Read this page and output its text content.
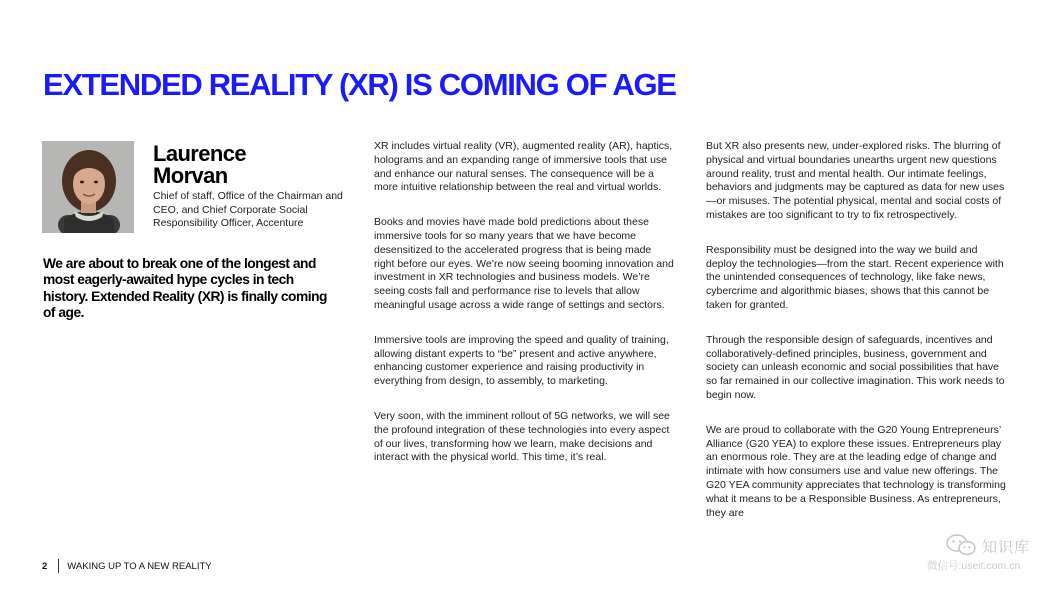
EXTENDED REALITY (XR) IS COMING OF AGE
Laurence
Morvan

Chief of staff, Office of the Chairman and CEO, and Chief Corporate Social Responsibility Officer, Accenture

We are about to break one of the longest and most eagerly-awaited hype cycles in tech history. Extended Reality (XR) is finally coming of age.

XR includes virtual reality (VR), augmented reality (AR), haptics, holograms and an expanding range of immersive tools that use and enhance our natural senses. The consequence will be a more intuitive relationship between the real and virtual worlds.

Books and movies have made bold predictions about these immersive tools for so many years that we have become desensitized to the accelerated progress that is being made right before our eyes. We’re now seeing booming innovation and investment in XR technologies and business models. We’re seeing costs fall and performance rise to levels that allow meaningful usage across a wide range of settings and sectors.

Immersive tools are improving the speed and quality of training, allowing distant experts to “be” present and active anywhere, enhancing customer experience and raising productivity in everything from design, to assembly, to marketing.

Very soon, with the imminent rollout of 5G networks, we will see the profound integration of these technologies into every aspect of our lives, transforming how we learn, make decisions and interact with the physical world. This time, it’s real.

But XR also presents new, under-explored risks. The blurring of physical and virtual boundaries unearths urgent new questions around reality, trust and mental health. Our intimate feelings, behaviors and judgments may be captured as data for new uses—or misuses. The potential physical, mental and social costs of mistakes are too significant to try to fix retrospectively.

Responsibility must be designed into the way we build and deploy the technologies—from the start. Recent experience with the unintended consequences of technology, like fake news, cybercrime and algorithmic biases, shows that this cannot be taken for granted.

Through the responsible design of safeguards, incentives and collaboratively-defined principles, business, government and society can unleash economic and social possibilities that have so far remained in our collective imagination. This work needs to begin now.

We are proud to collaborate with the G20 Young Entrepreneurs’ Alliance (G20 YEA) to explore these issues. Entrepreneurs play an enormous role. They are at the leading edge of change and intimate with how consumers use and value new offerings. The G20 YEA community appreciates that technology is transforming what it means to be a Responsible Business. As entrepreneurs, they are

2 WAKING UP TO A NEW REALITY
知识库
微信号:useit.com.cn
